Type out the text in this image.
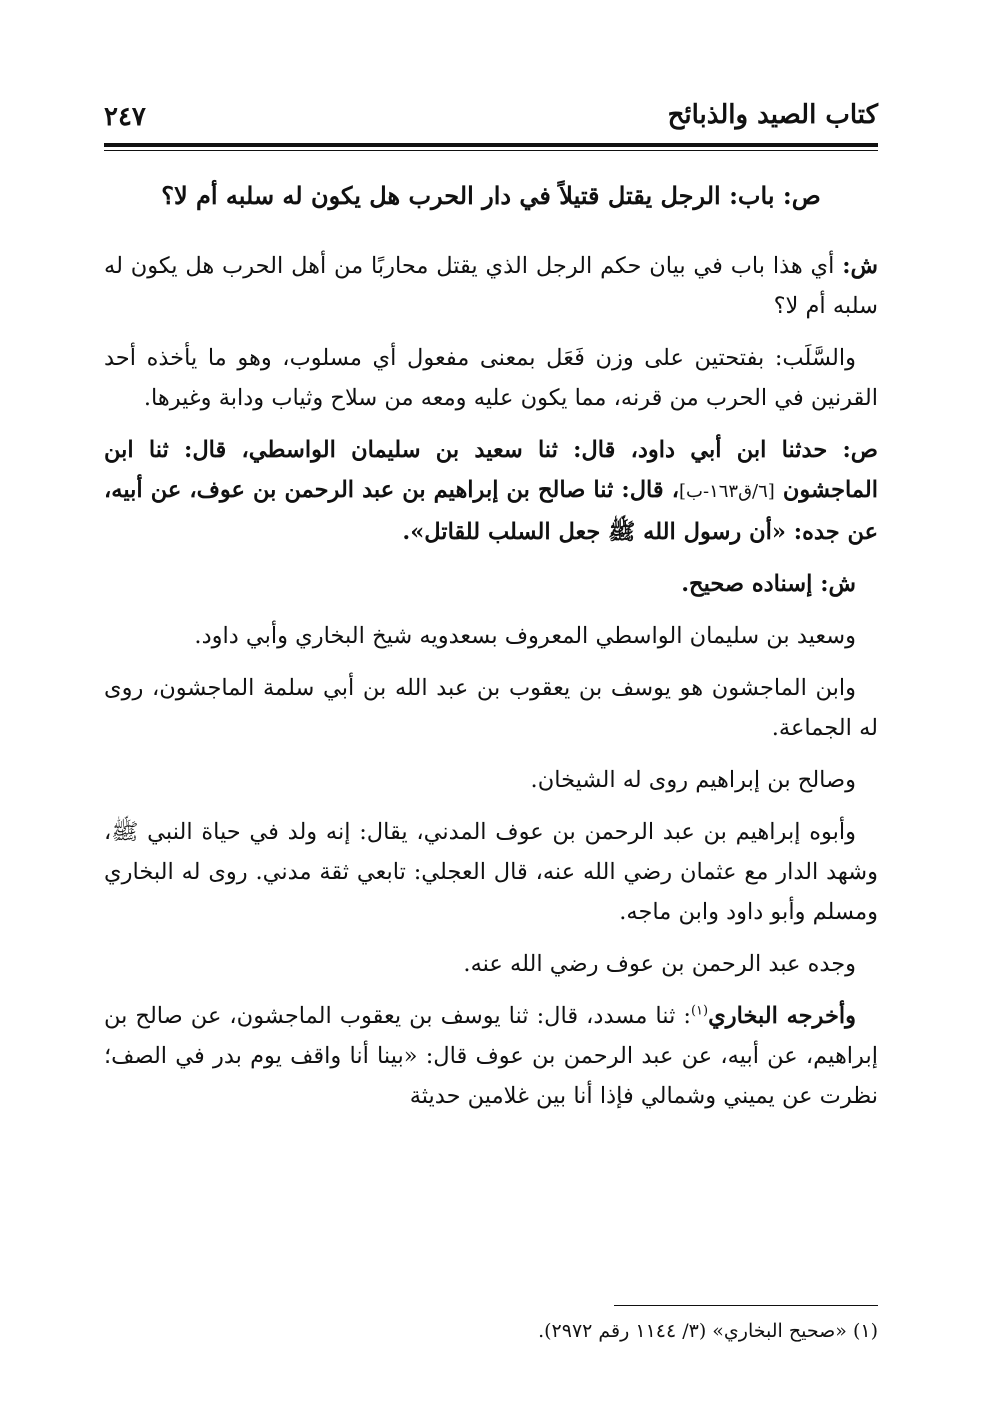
كتاب الصيد والذبائح
٢٤٧

ص: باب: الرجل يقتل قتيلاً في دار الحرب هل يكون له سلبه أم لا؟

ش: أي هذا باب في بيان حكم الرجل الذي يقتل محاربًا من أهل الحرب هل يكون له سلبه أم لا؟

والسَّلَب: بفتحتين على وزن فَعَل بمعنى مفعول أي مسلوب، وهو ما يأخذه أحد القرنين في الحرب من قرنه، مما يكون عليه ومعه من سلاح وثياب ودابة وغيرها.

ص: حدثنا ابن أبي داود، قال: ثنا سعيد بن سليمان الواسطي، قال: ثنا ابن الماجشون [٦/ق١٦٣-ب]، قال: ثنا صالح بن إبراهيم بن عبد الرحمن بن عوف، عن أبيه، عن جده: «أن رسول الله ﷺ جعل السلب للقاتل».

ش: إسناده صحيح.

وسعيد بن سليمان الواسطي المعروف بسعدويه شيخ البخاري وأبي داود.

وابن الماجشون هو يوسف بن يعقوب بن عبد الله بن أبي سلمة الماجشون، روى له الجماعة.

وصالح بن إبراهيم روى له الشيخان.

وأبوه إبراهيم بن عبد الرحمن بن عوف المدني، يقال: إنه ولد في حياة النبي ﷺ، وشهد الدار مع عثمان رضي الله عنه، قال العجلي: تابعي ثقة مدني. روى له البخاري ومسلم وأبو داود وابن ماجه.

وجده عبد الرحمن بن عوف رضي الله عنه.

وأخرجه البخاري$^{(١)}$: ثنا مسدد، قال: ثنا يوسف بن يعقوب الماجشون، عن صالح بن إبراهيم، عن أبيه، عن عبد الرحمن بن عوف قال: «بينا أنا واقف يوم بدر في الصف؛ نظرت عن يميني وشمالي فإذا أنا بين غلامين حديثة

(١) «صحيح البخاري» (٣/ ١١٤٤ رقم ٢٩٧٢).
